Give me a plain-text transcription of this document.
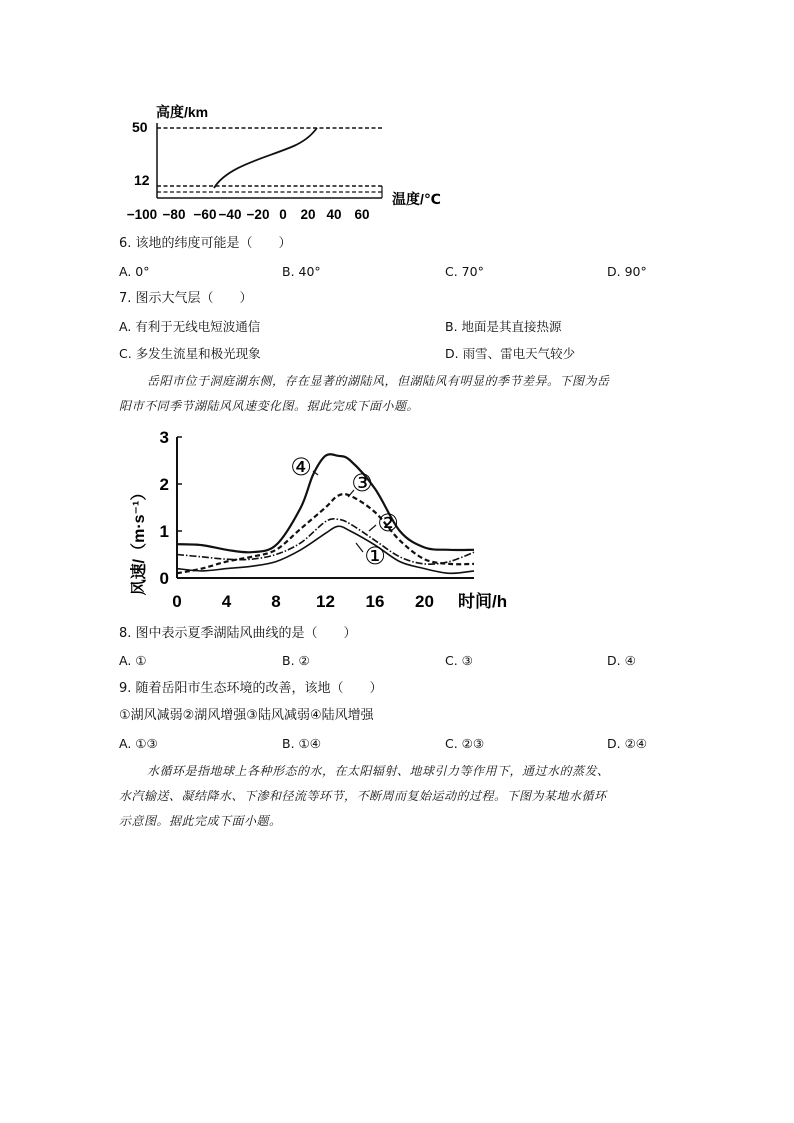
高度/km
50
12
温度/℃
−100 −80 −60 −40 −20 0 20 40 60
6. 该地的纬度可能是（　　）
A. 0°	B. 40°	C. 70°	D. 90°
7. 图示大气层（　　）
A. 有利于无线电短波通信	B. 地面是其直接热源
C. 多发生流星和极光现象	D. 雨雪、雷电天气较少
岳阳市位于洞庭湖东侧，存在显著的湖陆风，但湖陆风有明显的季节差异。下图为岳
阳市不同季节湖陆风风速变化图。据此完成下面小题。
3
2
1
0
0 4 8 12 16 20
①
②
③
④
风速/（m·s⁻¹）
时间/h
8. 图中表示夏季湖陆风曲线的是（　　）
A. ①	B. ②	C. ③	D. ④
9. 随着岳阳市生态环境的改善，该地（　　）
①湖风减弱②湖风增强③陆风减弱④陆风增强
A. ①③	B. ①④	C. ②③	D. ②④
水循环是指地球上各种形态的水，在太阳辐射、地球引力等作用下，通过水的蒸发、
水汽输送、凝结降水、下渗和径流等环节，不断周而复始运动的过程。下图为某地水循环
示意图。据此完成下面小题。
